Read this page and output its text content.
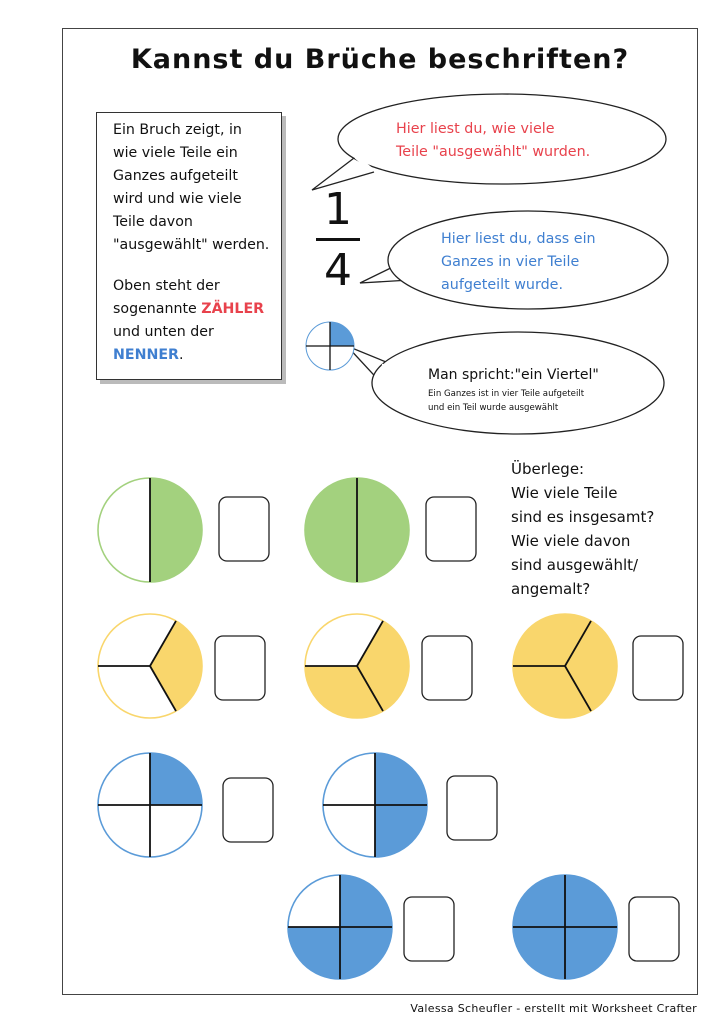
Kannst du Brüche beschriften?

Ein Bruch zeigt, in

wie viele Teile ein

Ganzes aufgeteilt

wird und wie viele

Teile davon

"ausgewählt" werden.

Oben steht der

sogenannte ZÄHLER

und unten der

NENNER.

Hier liest du, wie viele
Teile "ausgewählt" wurden.
Hier liest du, dass ein
Ganzes in vier Teile
aufgeteilt wurde.
Man spricht:"ein Viertel"
Ein Ganzes ist in vier Teile aufgeteilt
und ein Teil wurde ausgewählt
1
4
Überlege:
Wie viele Teile
sind es insgesamt?
Wie viele davon
sind ausgewählt/
angemalt?
Valessa Scheufler - erstellt mit Worksheet Crafter
